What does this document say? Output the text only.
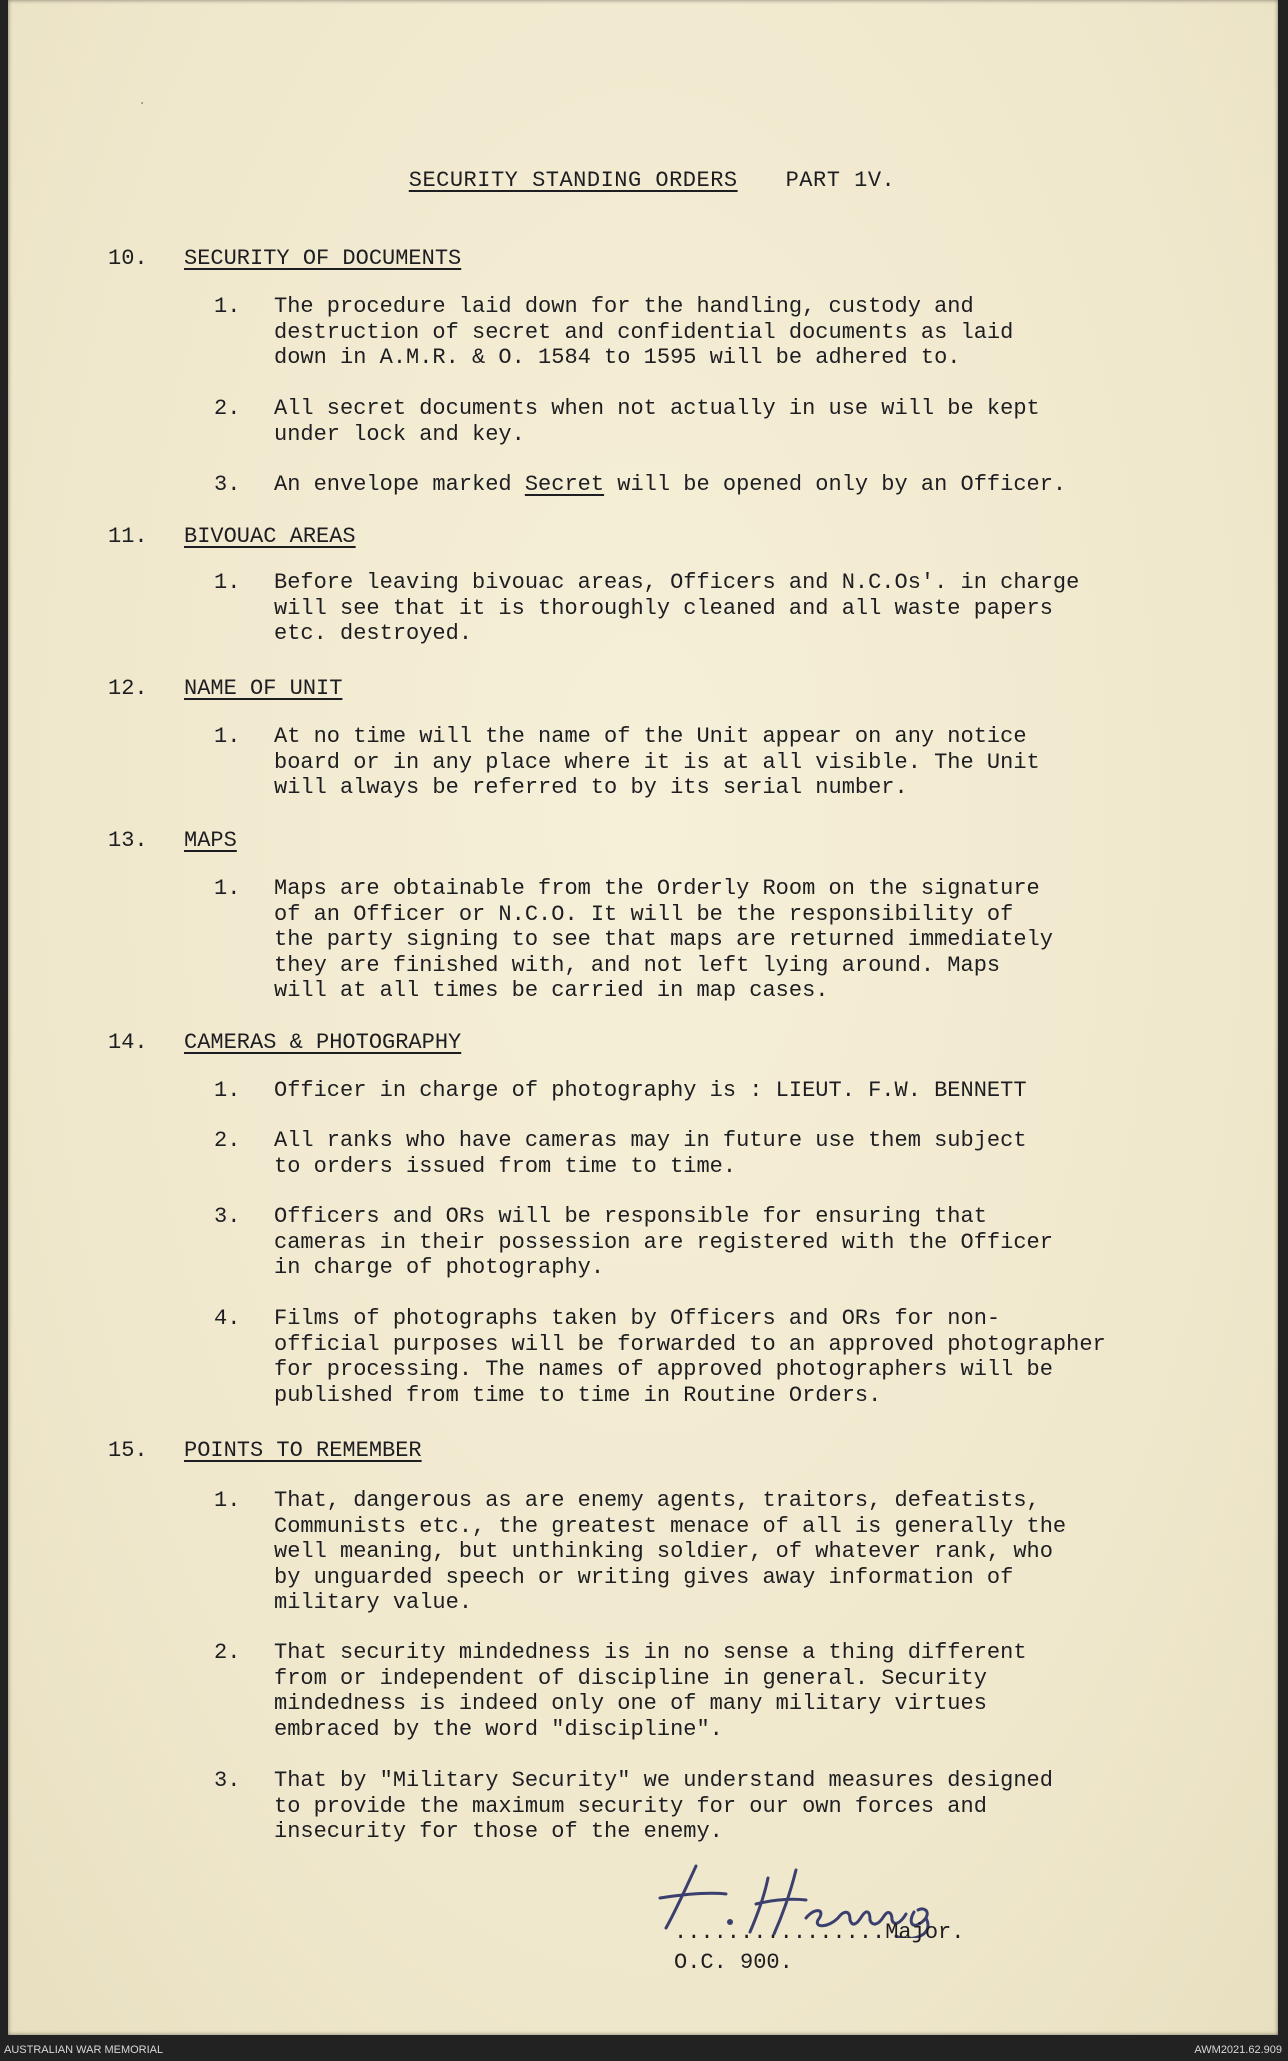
·
SECURITY STANDING ORDERS PART 1V.
10. SECURITY OF DOCUMENTS
1. The procedure laid down for the handling, custody and
destruction of secret and confidential documents as laid
down in A.M.R. & O. 1584 to 1595 will be adhered to.
2. All secret documents when not actually in use will be kept
under lock and key.
3. An envelope marked Secret will be opened only by an Officer.
11. BIVOUAC AREAS
1. Before leaving bivouac areas, Officers and N.C.Os'. in charge
will see that it is thoroughly cleaned and all waste papers
etc. destroyed.
12. NAME OF UNIT
1. At no time will the name of the Unit appear on any notice
board or in any place where it is at all visible. The Unit
will always be referred to by its serial number.
13. MAPS
1. Maps are obtainable from the Orderly Room on the signature
of an Officer or N.C.O. It will be the responsibility of
the party signing to see that maps are returned immediately
they are finished with, and not left lying around. Maps
will at all times be carried in map cases.
14. CAMERAS & PHOTOGRAPHY
1. Officer in charge of photography is : LIEUT. F.W. BENNETT
2. All ranks who have cameras may in future use them subject
to orders issued from time to time.
3. Officers and ORs will be responsible for ensuring that
cameras in their possession are registered with the Officer
in charge of photography.
4. Films of photographs taken by Officers and ORs for non-
official purposes will be forwarded to an approved photographer
for processing. The names of approved photographers will be
published from time to time in Routine Orders.
15. POINTS TO REMEMBER
1. That, dangerous as are enemy agents, traitors, defeatists,
Communists etc., the greatest menace of all is generally the
well meaning, but unthinking soldier, of whatever rank, who
by unguarded speech or writing gives away information of
military value.
2. That security mindedness is in no sense a thing different
from or independent of discipline in general. Security
mindedness is indeed only one of many military virtues
embraced by the word "discipline".
3. That by "Military Security" we understand measures designed
to provide the maximum security for our own forces and
insecurity for those of the enemy.
................Major.
O.C. 900.
AUSTRALIAN WAR MEMORIAL	AWM2021.62.909
